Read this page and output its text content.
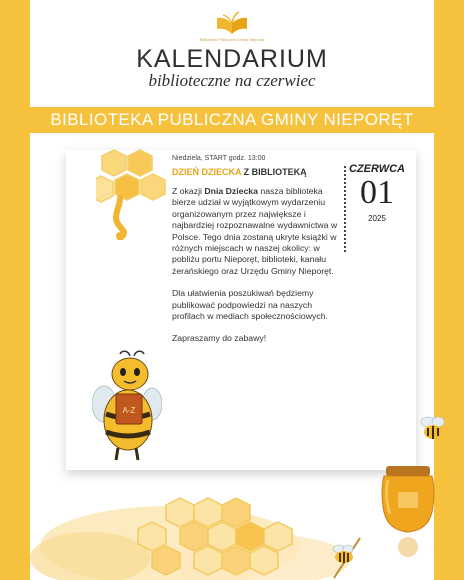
Biblioteka Publiczna Gminy Nieporęt
KALENDARIUM
biblioteczne na czerwiec
BIBLIOTEKA PUBLICZNA GMINY NIEPORĘT
Niedziela, START godz. 13:00
DZIEŃ DZIECKA Z BIBLIOTEKĄ

Z okazji Dnia Dziecka nasza biblioteka bierze udział w wyjątkowym wydarzeniu organizowanym przez największe i najbardziej rozpoznawalne wydawnictwa w Polsce. Tego dnia zostaną ukryte książki w różnych miejscach w naszej okolicy: w pobliżu portu Nieporęt, biblioteki, kanału żerańskiego oraz Urzędu Gminy Nieporęt.

Dla ułatwienia poszukiwań będziemy publikować podpowiedzi na naszych profilach w mediach społecznościowych.

Zapraszamy do zabawy!

CZERWCA
01
2025
A-Z
